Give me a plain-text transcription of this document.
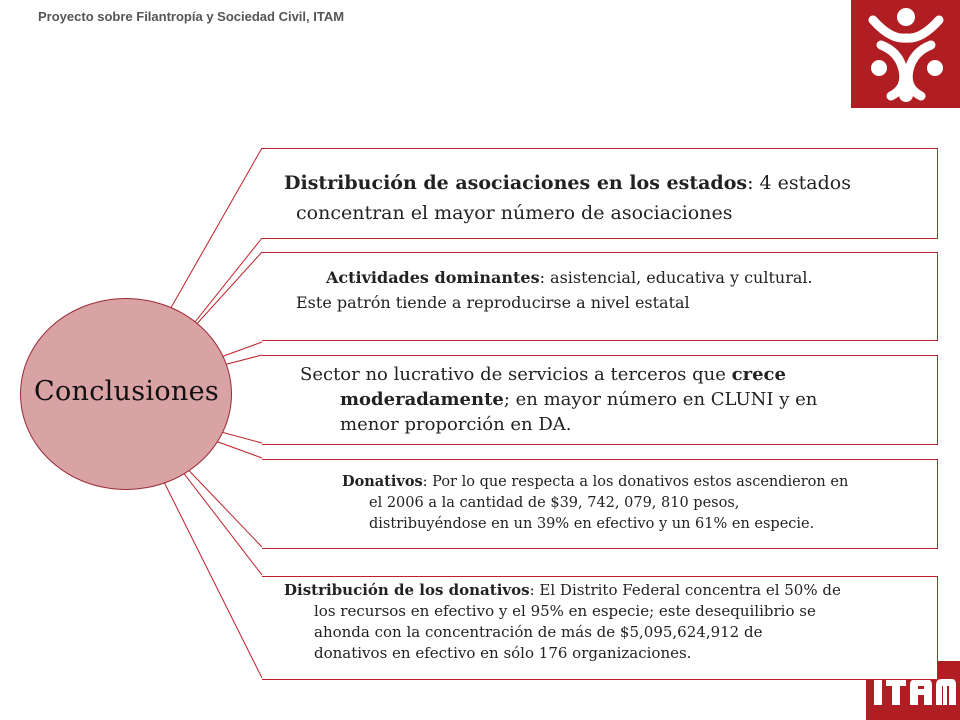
Proyecto sobre Filantropía y Sociedad Civil, ITAM
Distribución de asociaciones en los estados: 4 estados
concentran el mayor número de asociaciones
Actividades dominantes: asistencial, educativa y cultural.
Este patrón tiende a reproducirse a nivel estatal
Sector no lucrativo de servicios a terceros que crece
moderadamente; en mayor número en CLUNI y en
menor proporción en DA.
Donativos: Por lo que respecta a los donativos estos ascendieron en

el 2006 a la cantidad de $39, 742, 079, 810 pesos,
distribuyéndose en un 39% en efectivo y un 61% en especie.
Distribución de los donativos: El Distrito Federal concentra el 50% de

los recursos en efectivo y el 95% en especie; este desequilibrio se
ahonda con la concentración de más de $5,095,624,912 de
donativos en efectivo en sólo 176 organizaciones.
Conclusiones
